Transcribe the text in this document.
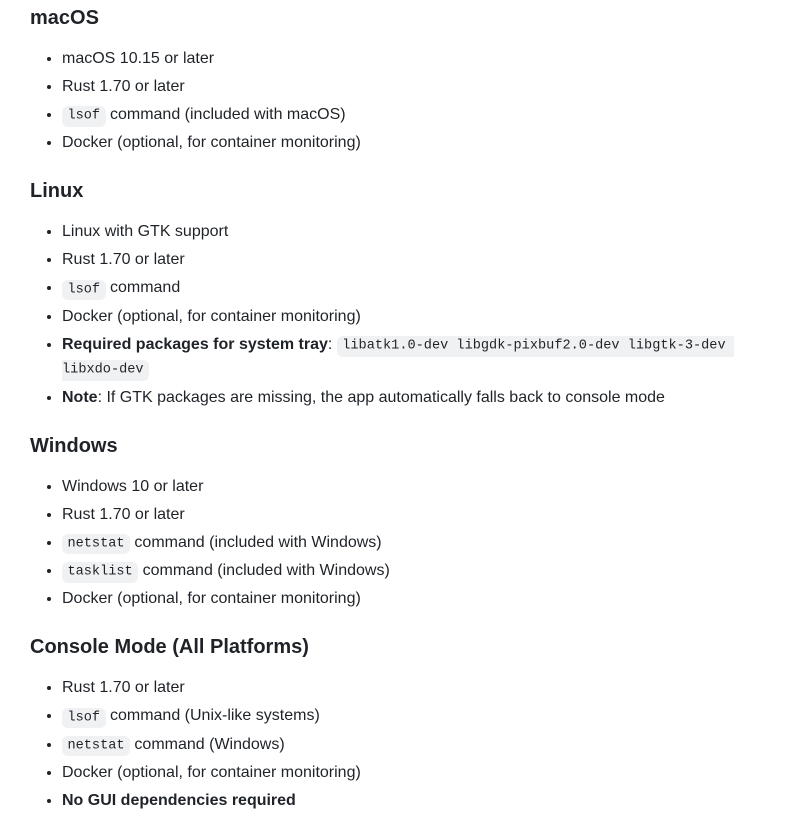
macOS
• macOS 10.15 or later
• Rust 1.70 or later
• lsof command (included with macOS)
• Docker (optional, for container monitoring)
Linux
• Linux with GTK support
• Rust 1.70 or later
• lsof command
• Docker (optional, for container monitoring)
• Required packages for system tray: libatk1.0-dev libgdk-pixbuf2.0-dev libgtk-3-dev libxdo-dev
• Note: If GTK packages are missing, the app automatically falls back to console mode
Windows
• Windows 10 or later
• Rust 1.70 or later
• netstat command (included with Windows)
• tasklist command (included with Windows)
• Docker (optional, for container monitoring)
Console Mode (All Platforms)
• Rust 1.70 or later
• lsof command (Unix-like systems)
• netstat command (Windows)
• Docker (optional, for container monitoring)
• No GUI dependencies required
